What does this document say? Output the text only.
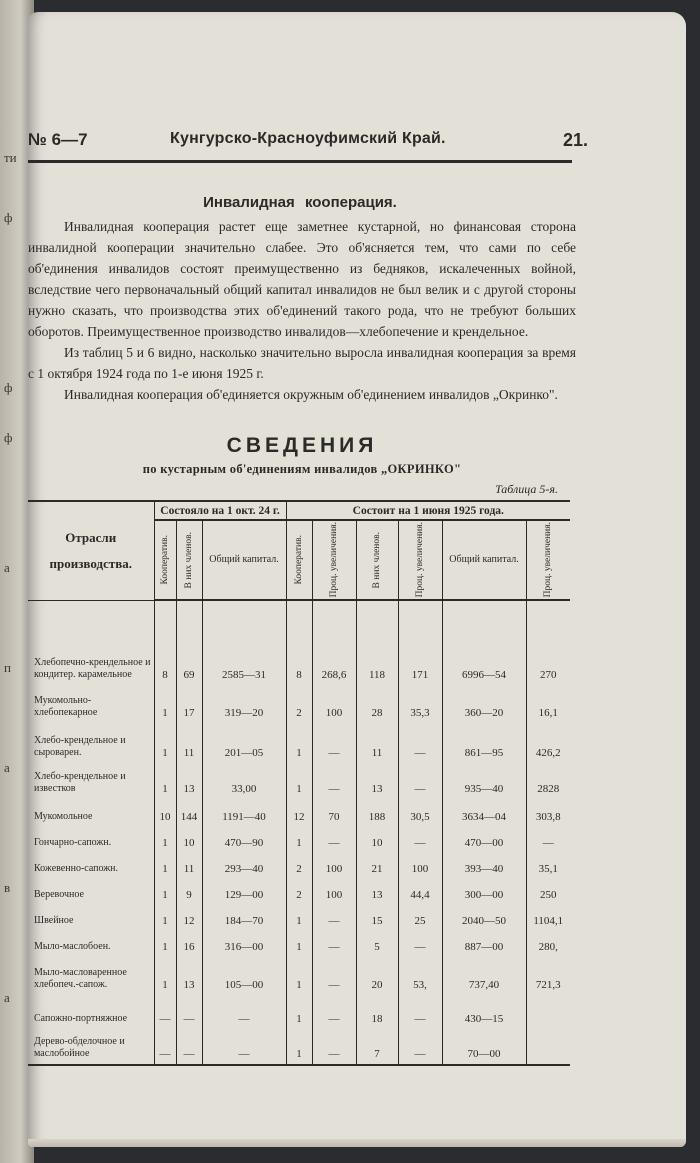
ти
ф
ф
ф
а
п
а
в
а
№ 6—7	Кунгурско-Красноуфимский Край.	21.
Инвалидная кооперация.

Инвалидная кооперация растет еще заметнее кустарной, но финансовая сторона инвалидной кооперации значительно слабее. Это об'ясняется тем, что сами по себе об'единения инвалидов состоят преимущественно из бедняков, искалеченных войной, вследствие чего первоначальный общий капитал инвалидов не был велик и с другой стороны нужно сказать, что производства этих об'единений такого рода, что не требуют больших оборотов. Преимущественное производство инвалидов—хлебопечение и крендельное.

Из таблиц 5 и 6 видно, насколько значительно выросла инвалидная кооперация за время с 1 октября 1924 года по 1-е июня 1925 г.

Инвалидная кооперация об'единяется окружным об'единением инвалидов „Окринко".

СВЕДЕНИЯ
по кустарным об'единениям инвалидов „ОКРИНКО"
Таблица 5-я.
Отрасли производства.	Состояло на 1 окт. 24 г.			Состоит на 1 июня 1925 года.					

	Кооператив.	В них членов.	Общий капитал.	Кооператив.	Проц. увеличения.	В них членов.	Проц. увеличения.	Общий капитал.	Проц. увеличения.

Хлебопечно-крендельное и кондитер. карамельное	8	69	2585—31	8	268,6	118	171	6996—54	270
Мукомольно-хлебопекарное	1	17	319—20	2	100	28	35,3	360—20	16,1
Хлебо-крендельное и сыроварен.	1	11	201—05	1	—	11	—	861—95	426,2
Хлебо-крендельное и известков	1	13	33,00	1	—	13	—	935—40	2828
Мукомольное	10	144	1191—40	12	70	188	30,5	3634—04	303,8
Гончарно-сапожн.	1	10	470—90	1	—	10	—	470—00	—
Кожевенно-сапожн.	1	11	293—40	2	100	21	100	393—40	35,1
Веревочное	1	9	129—00	2	100	13	44,4	300—00	250
Швейное	1	12	184—70	1	—	15	25	2040—50	1104,1
Мыло-маслобоен.	1	16	316—00	1	—	5	—	887—00	280,
Мыло-масловаренное хлебопеч.-сапож.	1	13	105—00	1	—	20	53,	737,40	721,3
Сапожно-портняжное	—	—	—	1	—	18	—	430—15	
Дерево-обделочное и маслобойное	—	—	—	1	—	7	—	70—00	
